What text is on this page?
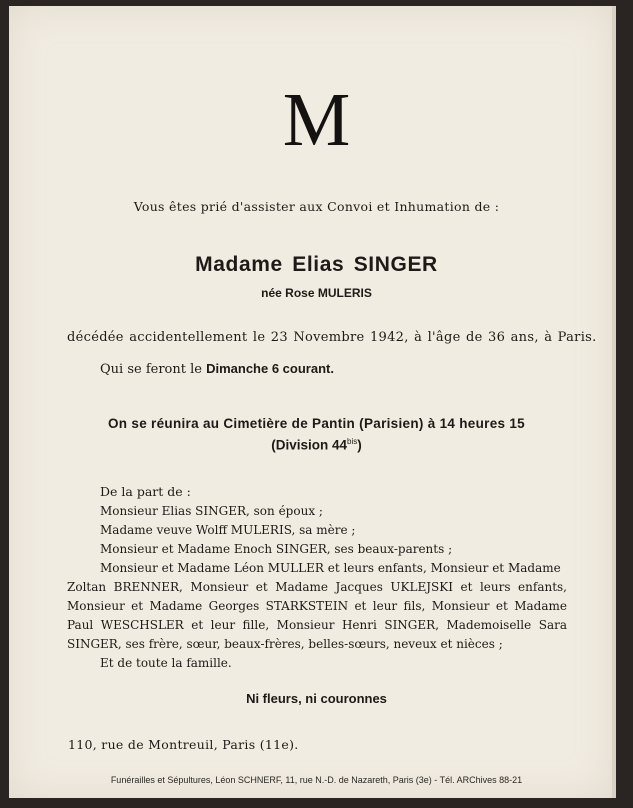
M
Vous êtes prié d'assister aux Convoi et Inhumation de :
Madame Elias SINGER
née Rose MULERIS
décédée accidentellement le 23 Novembre 1942, à l'âge de 36 ans, à Paris.
Qui se feront le Dimanche 6 courant.
On se réunira au Cimetière de Pantin (Parisien) à 14 heures 15
(Division $44^{bis}$)
De la part de :
Monsieur Elias SINGER, son époux ;
Madame veuve Wolff MULERIS, sa mère ;
Monsieur et Madame Enoch SINGER, ses beaux-parents ;
Monsieur et Madame Léon MULLER et leurs enfants, Monsieur et Madame
Zoltan BRENNER, Monsieur et Madame Jacques UKLEJSKI et leurs enfants,
Monsieur et Madame Georges STARKSTEIN et leur fils, Monsieur et Madame
Paul WESCHSLER et leur fille, Monsieur Henri SINGER, Mademoiselle Sara
SINGER, ses frère, sœur, beaux-frères, belles-sœurs, neveux et nièces ;
Et de toute la famille.
Ni fleurs, ni couronnes
110, rue de Montreuil, Paris (11e).
Funérailles et Sépultures, Léon SCHNERF, 11, rue N.-D. de Nazareth, Paris (3e) - Tél. ARChives 88-21
